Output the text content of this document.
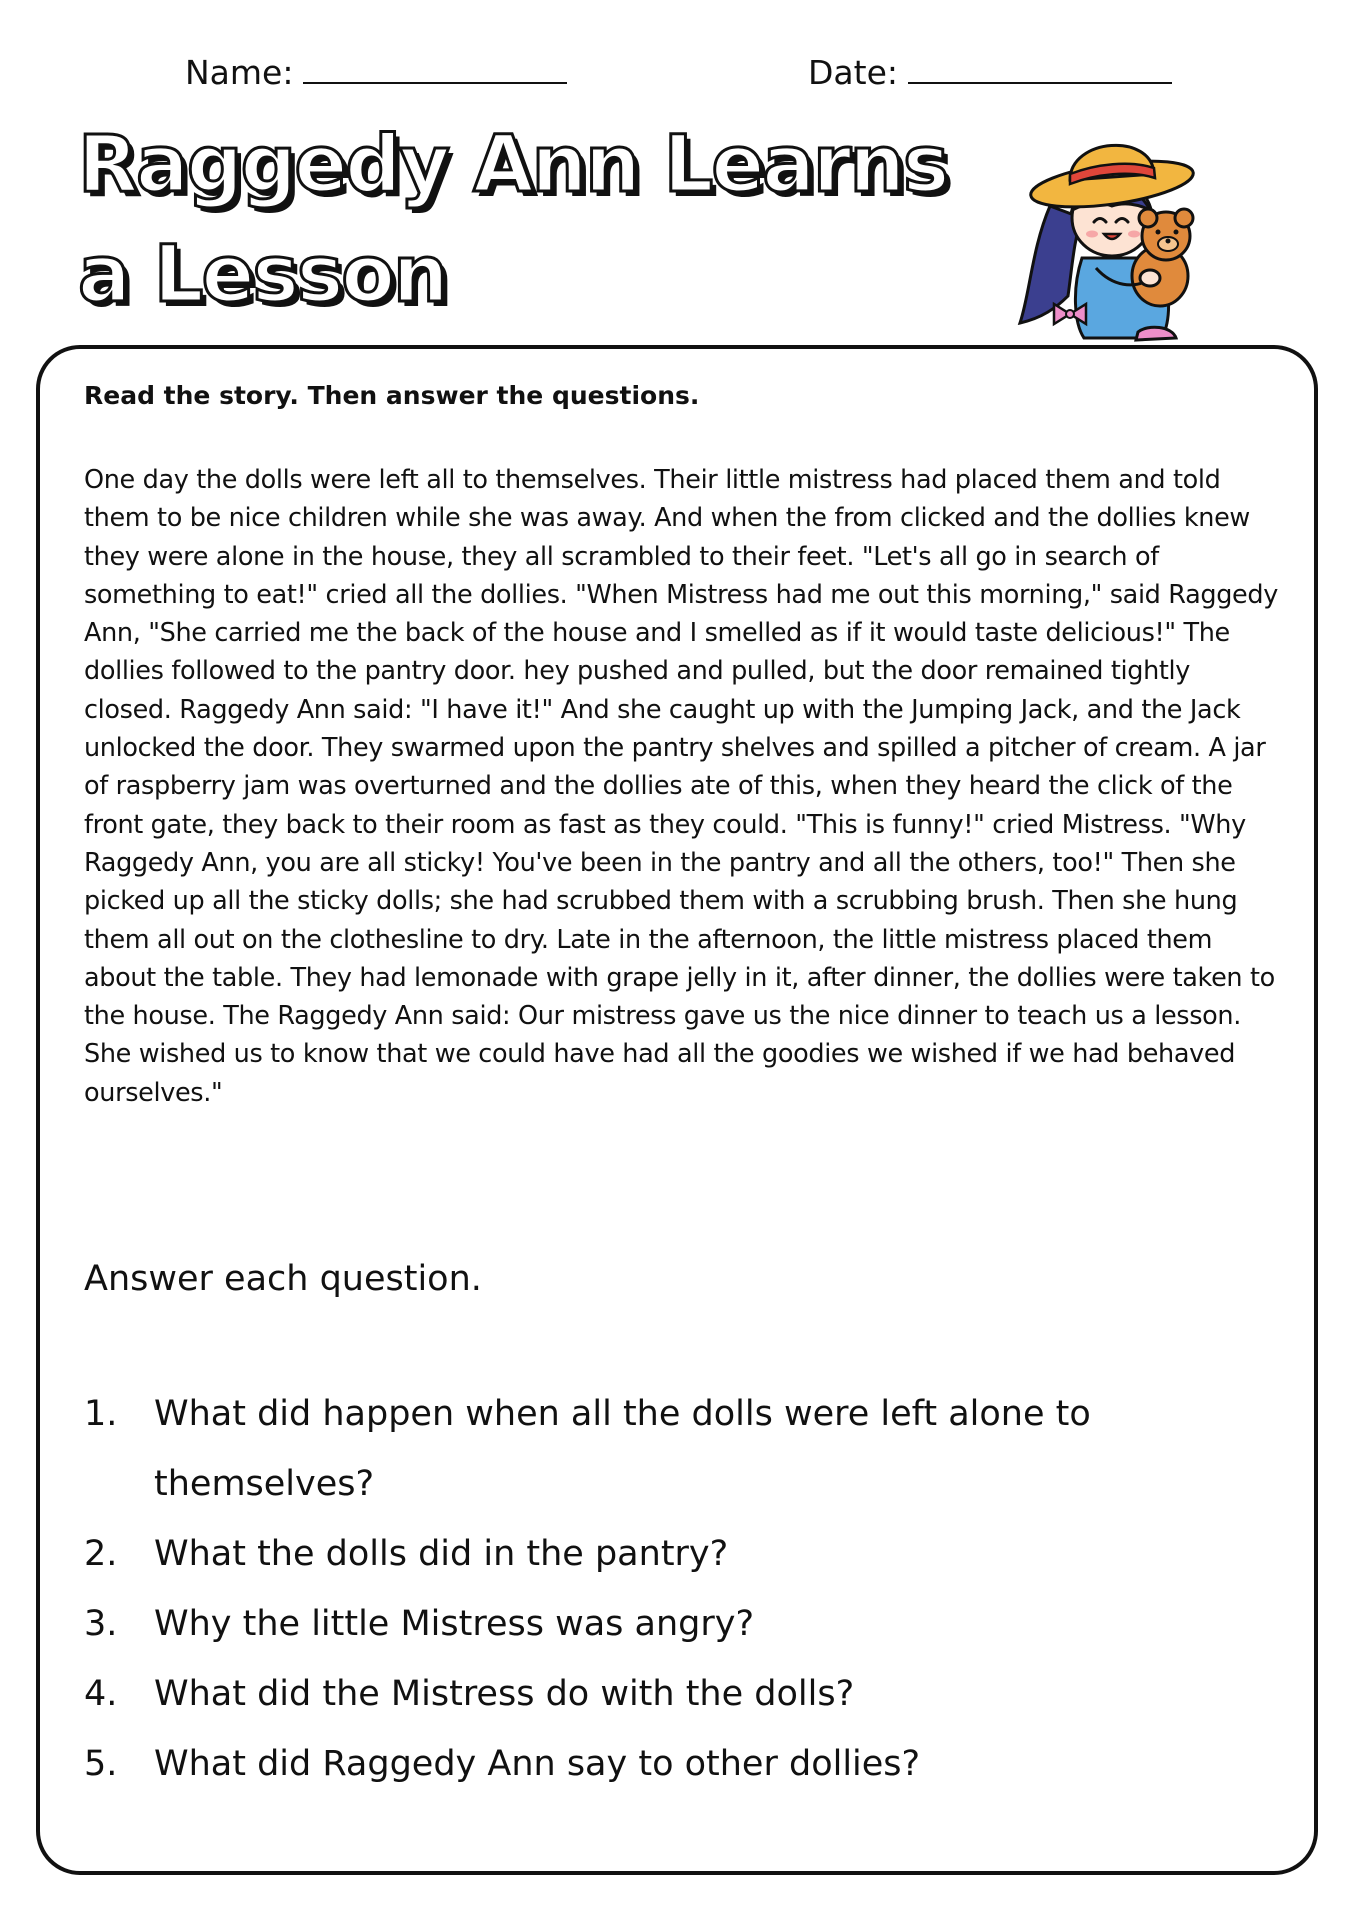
Name:	Date:
Raggedy Ann Learns
a Lesson

Read the story. Then answer the questions.

One day the dolls were left all to themselves. Their little mistress had placed them and told them to be nice children while she was away. And when the from clicked and the dollies knew they were alone in the house, they all scrambled to their feet. "Let's all go in search of something to eat!" cried all the dollies. "When Mistress had me out this morning," said Raggedy Ann, "She carried me the back of the house and I smelled as if it would taste delicious!" The dollies followed to the pantry door. hey pushed and pulled, but the door remained tightly closed. Raggedy Ann said: "I have it!" And she caught up with the Jumping Jack, and the Jack unlocked the door. They swarmed upon the pantry shelves and spilled a pitcher of cream. A jar of raspberry jam was overturned and the dollies ate of this, when they heard the click of the front gate, they back to their room as fast as they could. "This is funny!" cried Mistress. "Why Raggedy Ann, you are all sticky! You've been in the pantry and all the others, too!" Then she picked up all the sticky dolls; she had scrubbed them with a scrubbing brush. Then she hung them all out on the clothesline to dry. Late in the afternoon, the little mistress placed them about the table. They had lemonade with grape jelly in it, after dinner, the dollies were taken to the house. The Raggedy Ann said: Our mistress gave us the nice dinner to teach us a lesson. She wished us to know that we could have had all the goodies we wished if we had behaved ourselves."

Answer each question.

1.	What did happen when all the dolls were left alone to themselves?
2.	What the dolls did in the pantry?
3.	Why the little Mistress was angry?
4.	What did the Mistress do with the dolls?
5.	What did Raggedy Ann say to other dollies?
